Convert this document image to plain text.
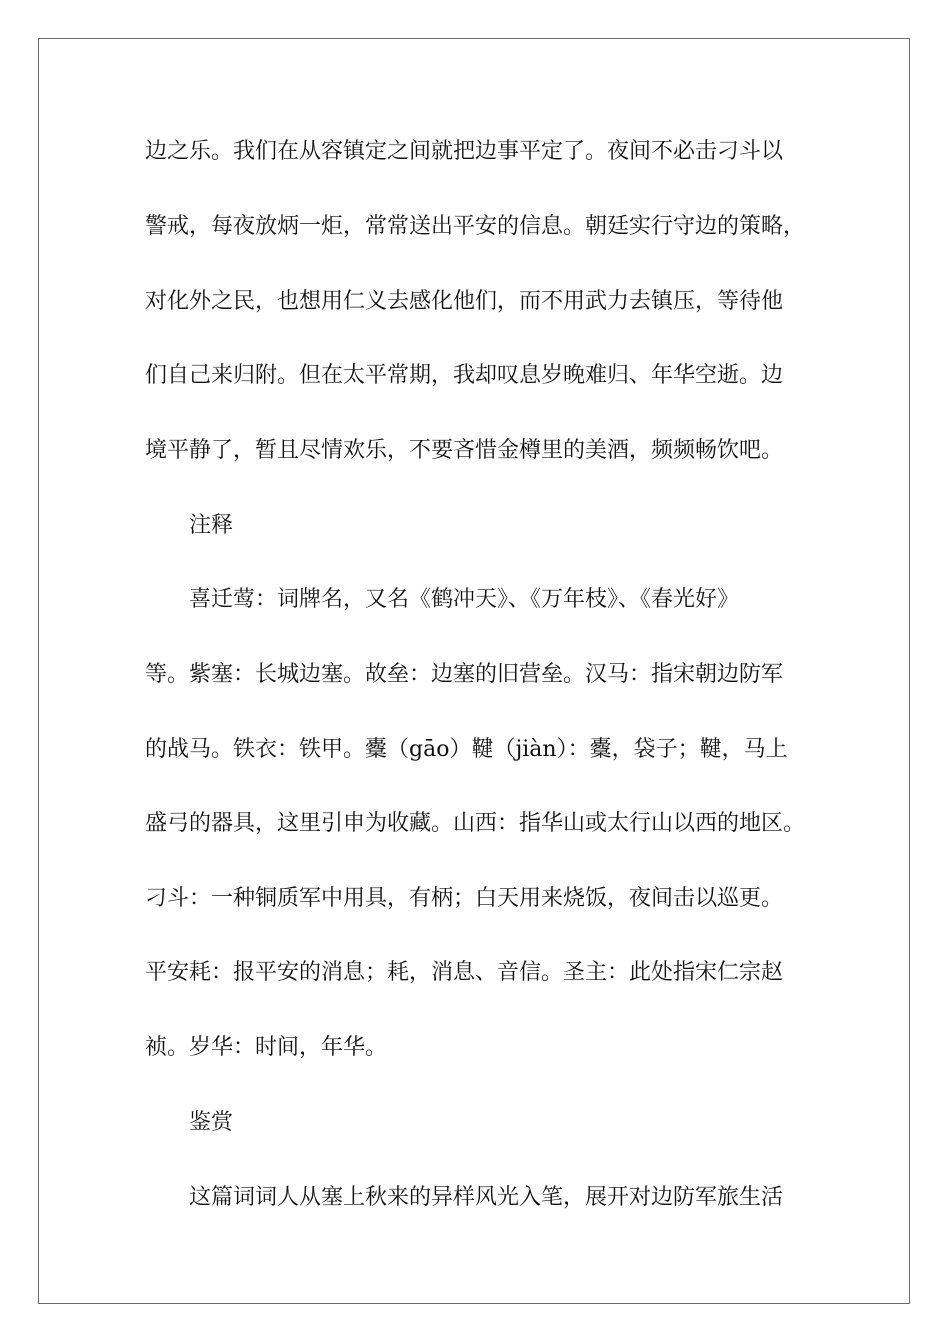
边之乐。我们在从容镇定之间就把边事平定了。夜间不必击刁斗以

警戒，每夜放炳一炬，常常送出平安的信息。朝廷实行守边的策略，

对化外之民，也想用仁义去感化他们，而不用武力去镇压，等待他

们自己来归附。但在太平常期，我却叹息岁晚难归、年华空逝。边

境平静了，暂且尽情欢乐，不要吝惜金樽里的美酒，频频畅饮吧。

注释

喜迁莺：词牌名，又名《鹤冲天》、《万年枝》、《春光好》

等。紫塞：长城边塞。故垒：边塞的旧营垒。汉马：指宋朝边防军

的战马。铁衣：铁甲。櫜（gāo）鞬（jiàn）：櫜，袋子；鞬，马上

盛弓的器具，这里引申为收藏。山西：指华山或太行山以西的地区。

刁斗：一种铜质军中用具，有柄；白天用来烧饭，夜间击以巡更。

平安耗：报平安的消息；耗，消息、音信。圣主：此处指宋仁宗赵

祯。岁华：时间，年华。

鉴赏

这篇词词人从塞上秋来的异样风光入笔，展开对边防军旅生活
